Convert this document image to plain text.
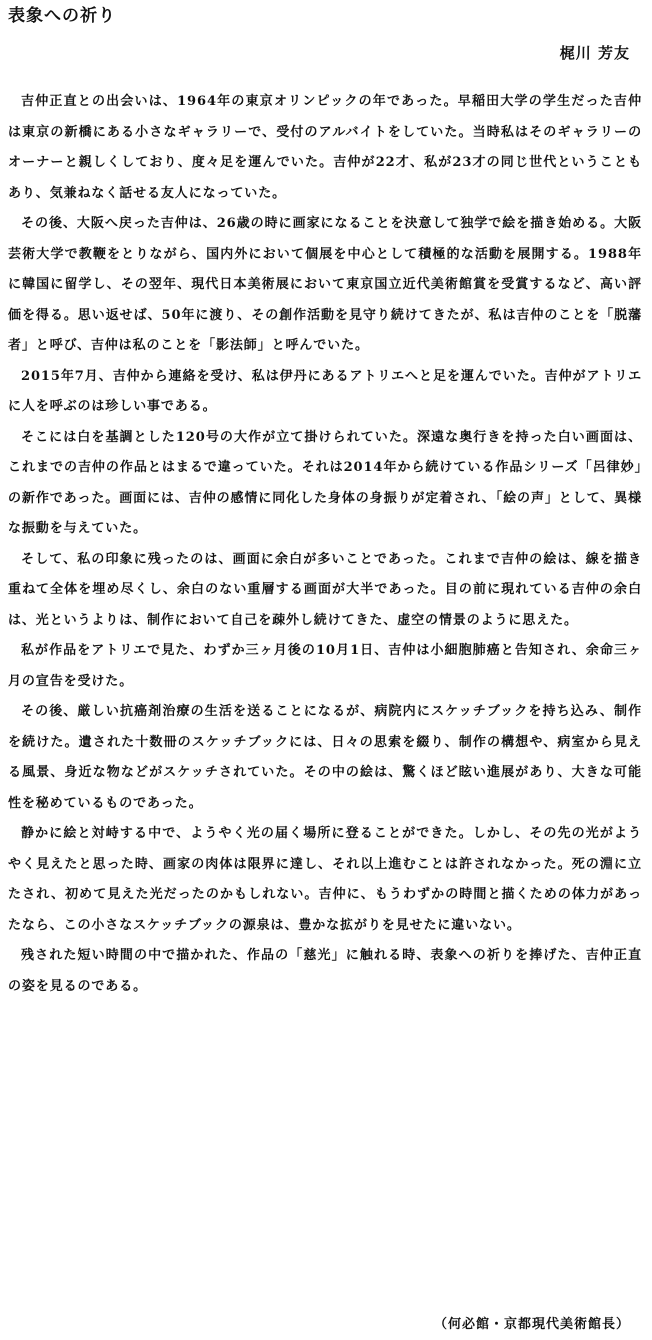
表象への祈り
梶川 芳友

吉仲正直との出会いは、1964年の東京オリンピックの年であった。早稲田大学の学生だった吉仲は東京の新橋にある小さなギャラリーで、受付のアルバイトをしていた。当時私はそのギャラリーのオーナーと親しくしており、度々足を運んでいた。吉仲が22才、私が23才の同じ世代ということもあり、気兼ねなく話せる友人になっていた。

その後、大阪へ戻った吉仲は、26歳の時に画家になることを決意して独学で絵を描き始める。大阪芸術大学で教鞭をとりながら、国内外において個展を中心として積極的な活動を展開する。1988年に韓国に留学し、その翌年、現代日本美術展において東京国立近代美術館賞を受賞するなど、高い評価を得る。思い返せば、50年に渡り、その創作活動を見守り続けてきたが、私は吉仲のことを「脱藩者」と呼び、吉仲は私のことを「影法師」と呼んでいた。

2015年7月、吉仲から連絡を受け、私は伊丹にあるアトリエへと足を運んでいた。吉仲がアトリエに人を呼ぶのは珍しい事である。

そこには白を基調とした120号の大作が立て掛けられていた。深遠な奥行きを持った白い画面は、これまでの吉仲の作品とはまるで違っていた。それは2014年から続けている作品シリーズ「呂律妙」の新作であった。画面には、吉仲の感情に同化した身体の身振りが定着され、「絵の声」として、異様な振動を与えていた。

そして、私の印象に残ったのは、画面に余白が多いことであった。これまで吉仲の絵は、線を描き重ねて全体を埋め尽くし、余白のない重層する画面が大半であった。目の前に現れている吉仲の余白は、光というよりは、制作において自己を疎外し続けてきた、虚空の情景のように思えた。

私が作品をアトリエで見た、わずか三ヶ月後の10月1日、吉仲は小細胞肺癌と告知され、余命三ヶ月の宣告を受けた。

その後、厳しい抗癌剤治療の生活を送ることになるが、病院内にスケッチブックを持ち込み、制作を続けた。遺された十数冊のスケッチブックには、日々の思索を綴り、制作の構想や、病室から見える風景、身近な物などがスケッチされていた。その中の絵は、驚くほど眩い進展があり、大きな可能性を秘めているものであった。

静かに絵と対峙する中で、ようやく光の届く場所に登ることができた。しかし、その先の光がようやく見えたと思った時、画家の肉体は限界に達し、それ以上進むことは許されなかった。死の淵に立たされ、初めて見えた光だったのかもしれない。吉仲に、もうわずかの時間と描くための体力があったなら、この小さなスケッチブックの源泉は、豊かな拡がりを見せたに違いない。

残された短い時間の中で描かれた、作品の「慈光」に触れる時、表象への祈りを捧げた、吉仲正直の姿を見るのである。

（何必館・京都現代美術館長）
